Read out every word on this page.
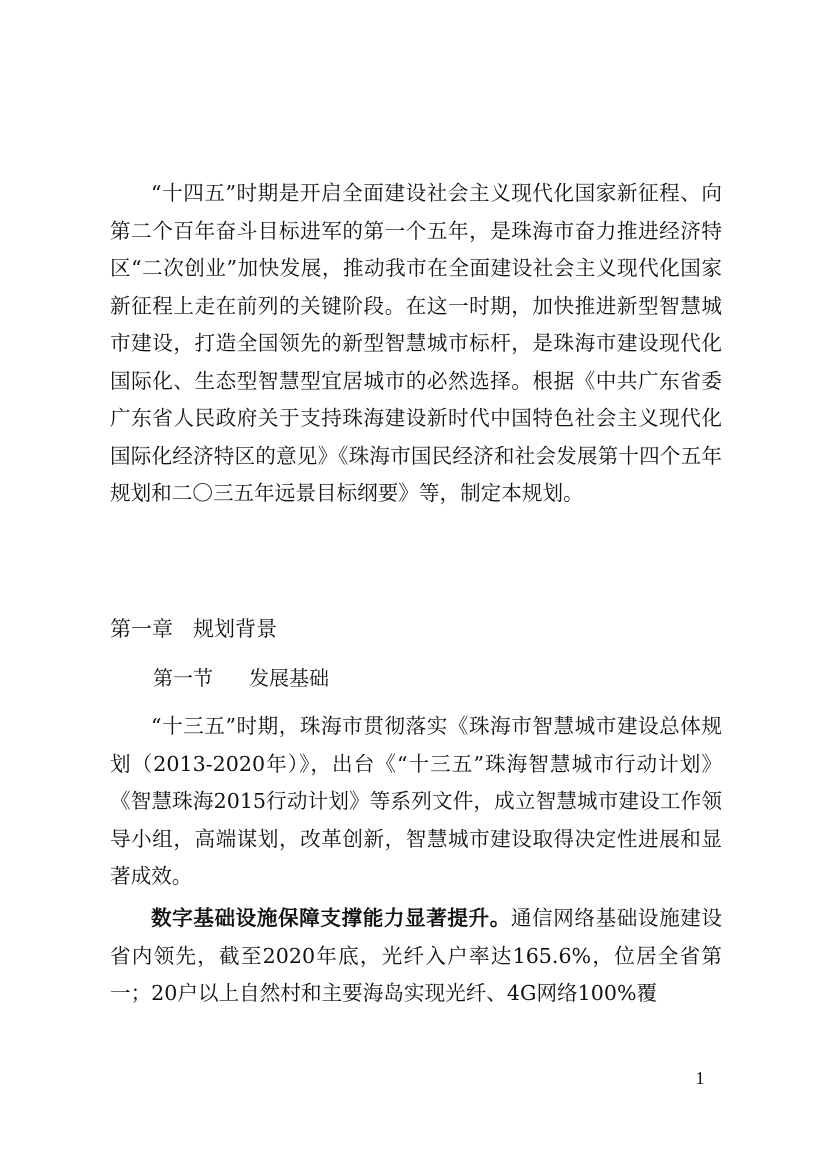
“十四五”时期是开启全面建设社会主义现代化国家新征程、向第二个百年奋斗目标进军的第一个五年，是珠海市奋力推进经济特区“二次创业”加快发展，推动我市在全面建设社会主义现代化国家新征程上走在前列的关键阶段。在这一时期，加快推进新型智慧城市建设，打造全国领先的新型智慧城市标杆，是珠海市建设现代化国际化、生态型智慧型宜居城市的必然选择。根据《中共广东省委 广东省人民政府关于支持珠海建设新时代中国特色社会主义现代化国际化经济特区的意见》《珠海市国民经济和社会发展第十四个五年规划和二〇三五年远景目标纲要》等，制定本规划。

第一章 规划背景
第一节 发展基础

“十三五”时期，珠海市贯彻落实《珠海市智慧城市建设总体规划（2013-2020年）》，出台《“十三五”珠海智慧城市行动计划》《智慧珠海2015行动计划》等系列文件，成立智慧城市建设工作领导小组，高端谋划，改革创新，智慧城市建设取得决定性进展和显著成效。

数字基础设施保障支撑能力显著提升。通信网络基础设施建设省内领先，截至2020年底，光纤入户率达165.6%，位居全省第一；20户以上自然村和主要海岛实现光纤、4G网络100%覆

1
